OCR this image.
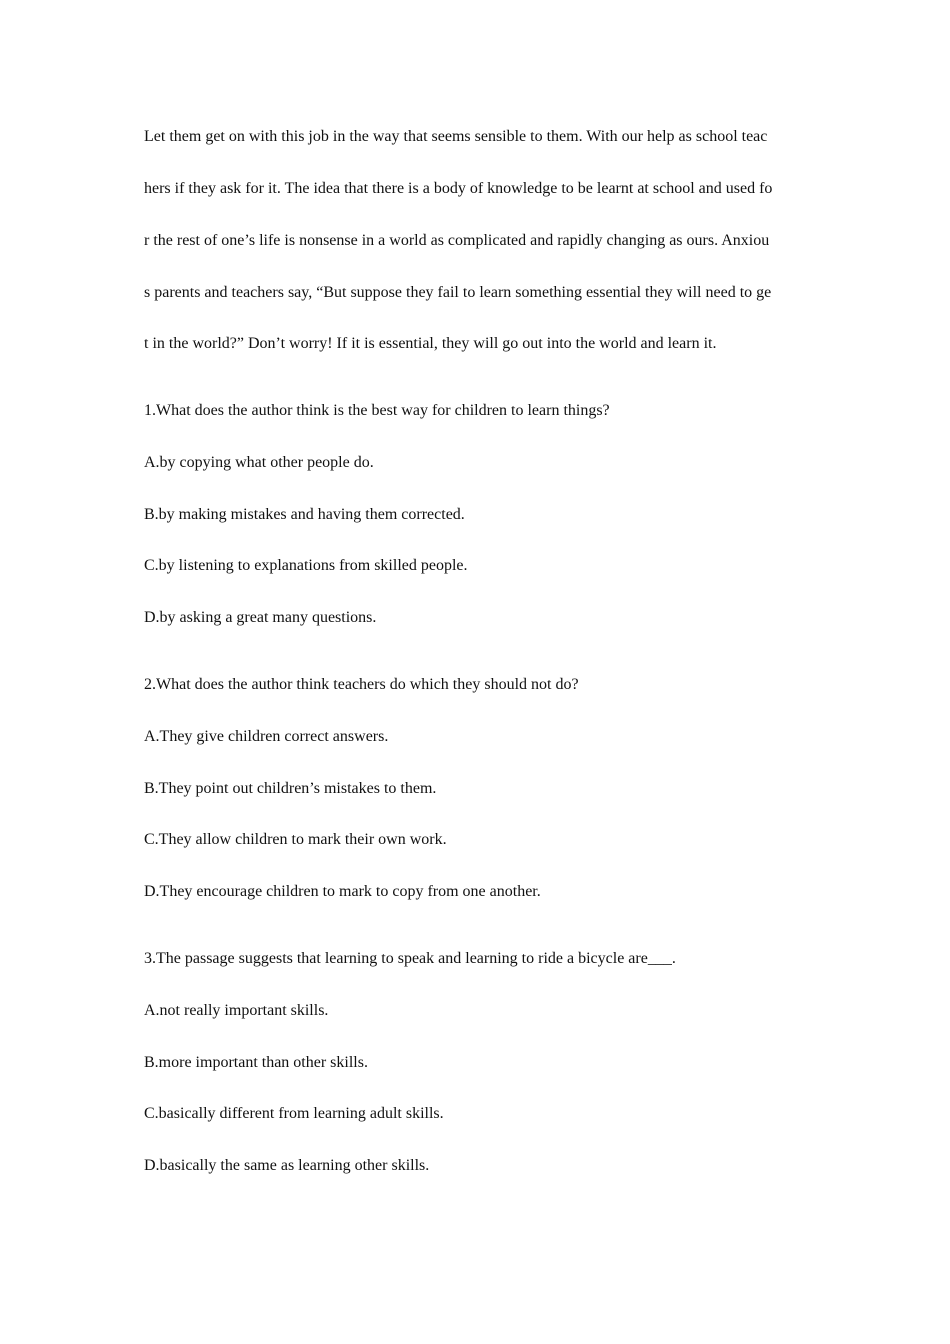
Let them get on with this job in the way that seems sensible to them. With our help as school teac
hers if they ask for it. The idea that there is a body of knowledge to be learnt at school and used fo
r the rest of one’s life is nonsense in a world as complicated and rapidly changing as ours. Anxiou
s parents and teachers say, “But suppose they fail to learn something essential they will need to ge
t in the world?” Don’t worry! If it is essential, they will go out into the world and learn it.
1.What does the author think is the best way for children to learn things?
A.by copying what other people do.
B.by making mistakes and having them corrected.
C.by listening to explanations from skilled people.
D.by asking a great many questions.
2.What does the author think teachers do which they should not do?
A.They give children correct answers.
B.They point out children’s mistakes to them.
C.They allow children to mark their own work.
D.They encourage children to mark to copy from one another.
3.The passage suggests that learning to speak and learning to ride a bicycle are___.
A.not really important skills.
B.more important than other skills.
C.basically different from learning adult skills.
D.basically the same as learning other skills.
